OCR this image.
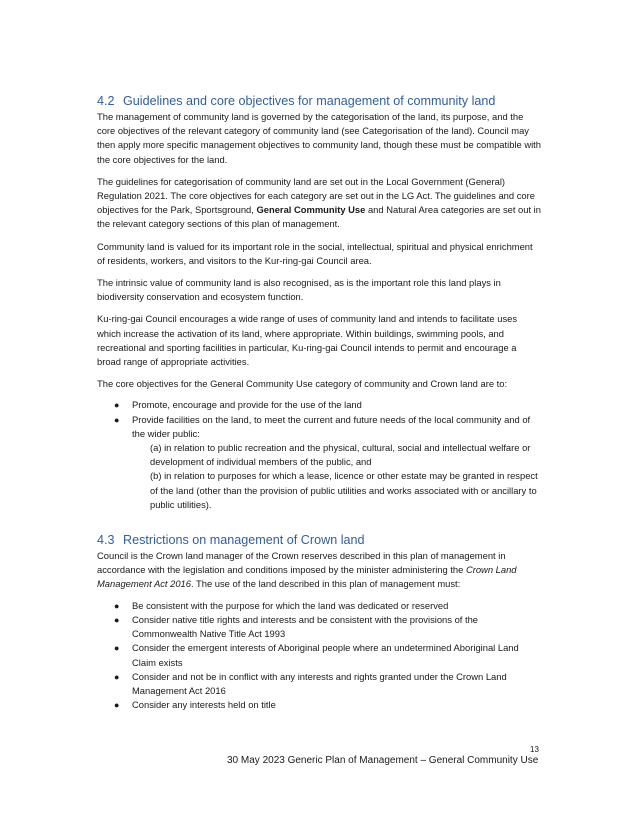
4.2 Guidelines and core objectives for management of community land

The management of community land is governed by the categorisation of the land, its purpose, and the core objectives of the relevant category of community land (see Categorisation of the land). Council may then apply more specific management objectives to community land, though these must be compatible with the core objectives for the land.

The guidelines for categorisation of community land are set out in the Local Government (General) Regulation 2021. The core objectives for each category are set out in the LG Act. The guidelines and core objectives for the Park, Sportsground, General Community Use and Natural Area categories are set out in the relevant category sections of this plan of management.

Community land is valued for its important role in the social, intellectual, spiritual and physical enrichment of residents, workers, and visitors to the Kur-ring-gai Council area.

The intrinsic value of community land is also recognised, as is the important role this land plays in biodiversity conservation and ecosystem function.

Ku-ring-gai Council encourages a wide range of uses of community land and intends to facilitate uses which increase the activation of its land, where appropriate. Within buildings, swimming pools, and recreational and sporting facilities in particular, Ku-ring-gai Council intends to permit and encourage a broad range of appropriate activities.

The core objectives for the General Community Use category of community and Crown land are to:

● Promote, encourage and provide for the use of the land
● Provide facilities on the land, to meet the current and future needs of the local community and of the wider public:

(a) in relation to public recreation and the physical, cultural, social and intellectual welfare or development of individual members of the public, and

(b) in relation to purposes for which a lease, licence or other estate may be granted in respect of the land (other than the provision of public utilities and works associated with or ancillary to public utilities).

4.3 Restrictions on management of Crown land

Council is the Crown land manager of the Crown reserves described in this plan of management in accordance with the legislation and conditions imposed by the minister administering the Crown Land Management Act 2016. The use of the land described in this plan of management must:

● Be consistent with the purpose for which the land was dedicated or reserved
● Consider native title rights and interests and be consistent with the provisions of the Commonwealth Native Title Act 1993
● Consider the emergent interests of Aboriginal people where an undetermined Aboriginal Land Claim exists
● Consider and not be in conflict with any interests and rights granted under the Crown Land Management Act 2016
● Consider any interests held on title
13
30 May 2023 Generic Plan of Management – General Community Use
